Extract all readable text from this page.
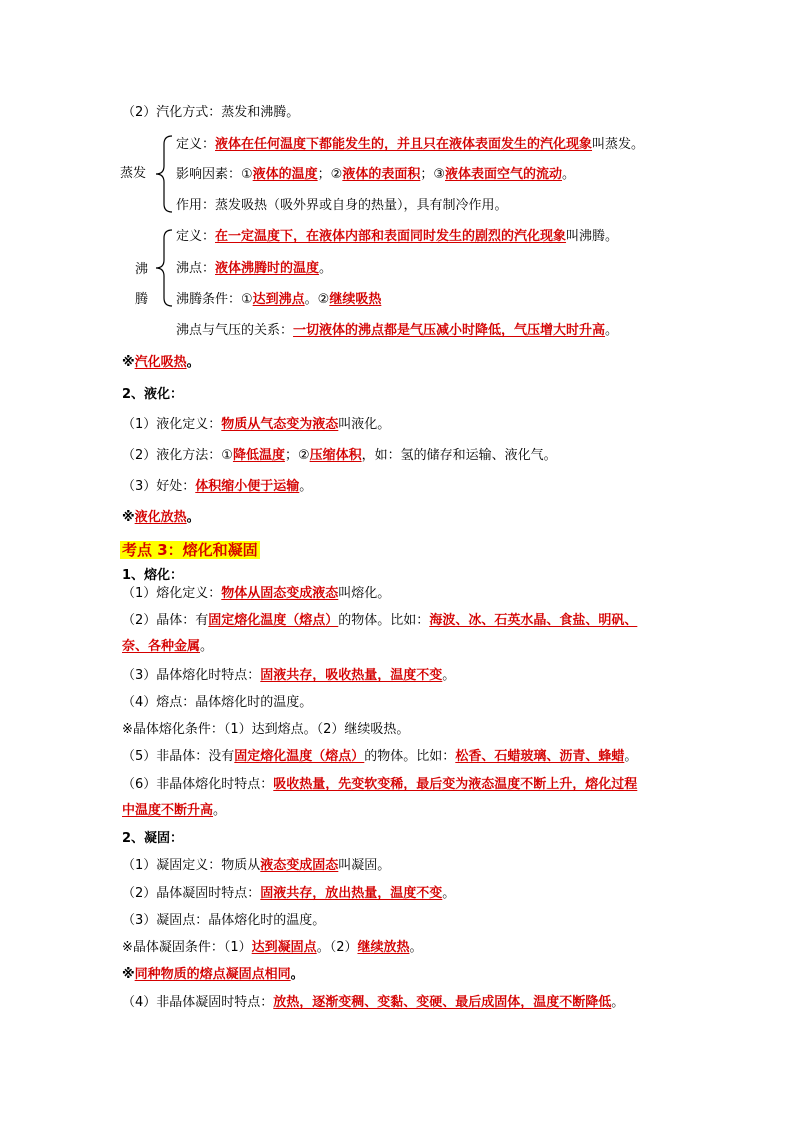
（2）汽化方式：蒸发和沸腾。
蒸发
定义：液体在任何温度下都能发生的，并且只在液体表面发生的汽化现象叫蒸发。
影响因素：①液体的温度；②液体的表面积；③液体表面空气的流动。
作用：蒸发吸热（吸外界或自身的热量），具有制冷作用。
沸
腾
定义：在一定温度下，在液体内部和表面同时发生的剧烈的汽化现象叫沸腾。
沸点：液体沸腾时的温度。
沸腾条件：①达到沸点。②继续吸热
沸点与气压的关系：一切液体的沸点都是气压减小时降低，气压增大时升高。
※汽化吸热。
2、液化：
（1）液化定义：物质从气态变为液态叫液化。
（2）液化方法：①降低温度；②压缩体积，如：氢的储存和运输、液化气。
（3）好处：体积缩小便于运输。
※液化放热。
考点 3：熔化和凝固
1、熔化：
（1）熔化定义：物体从固态变成液态叫熔化。
（2）晶体：有固定熔化温度（熔点）的物体。比如：海波、冰、石英水晶、食盐、明矾、
奈、各种金属。
（3）晶体熔化时特点：固液共存，吸收热量，温度不变。
（4）熔点：晶体熔化时的温度。
※晶体熔化条件：（1）达到熔点。（2）继续吸热。
（5）非晶体：没有固定熔化温度（熔点）的物体。比如：松香、石蜡玻璃、沥青、蜂蜡。
（6）非晶体熔化时特点：吸收热量，先变软变稀，最后变为液态温度不断上升，熔化过程
中温度不断升高。
2、凝固：
（1）凝固定义：物质从液态变成固态叫凝固。
（2）晶体凝固时特点：固液共存，放出热量，温度不变。
（3）凝固点：晶体熔化时的温度。
※晶体凝固条件：（1）达到凝固点。（2）继续放热。
※同种物质的熔点凝固点相同。
（4）非晶体凝固时特点：放热，逐渐变稠、变黏、变硬、最后成固体，温度不断降低。
